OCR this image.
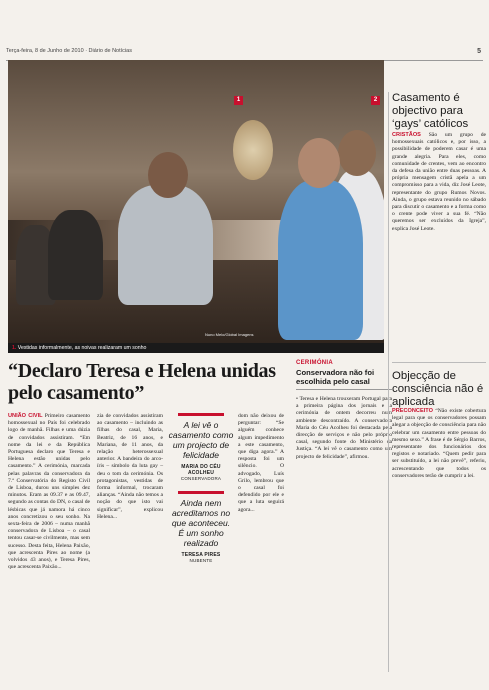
Terça-feira, 8 de Junho de 2010 · Diário de Notícias	5
1	2
Nuno Melo/Global Imagens
1. Vestidas informalmente, as noivas realizaram um sonho
“Declaro Teresa e Helena unidas pelo casamento”
UNIÃO CIVIL Primeiro casamento homossexual no País foi celebrado logo de manhã. Filhas e uma dúzia de convidados assistiram. “Em nome da lei e da República Portuguesa declaro que Teresa e Helena estão unidas pelo casamento.” A cerimónia, marcada pelas palavras da conservadora da 7.ª Conservatória do Registo Civil de Lisboa, durou uns simples dez minutos. Eram as 09.37 e as 09.47, segundo as contas do DN, o casal de lésbicas que já namora há cinco anos concretizou o seu sonho. Na sexta-feira de 2006 – numa manhã conservadora de Lisboa – o casal tentou casar-se civilmente, mas sem sucesso. Desta feita, Helena Paixão, que acrescenta Pires ao nome (a volvidos 43 anos), e Teresa Pires, que acrescenta Paixão...
zia de convidados assistiram ao casamento – incluindo as filhas do casal, Maria, Beatriz, de 16 anos, e Mariana, de 11 anos, da relação heterossexual anterior. A bandeira do arco-íris – símbolo da luta gay – deu o tom da cerimónia. Os protagonistas, vestidas de forma informal, trocaram alianças. “Ainda não temos a noção do que isto vai significar”, explicou Helena...
A lei vê o casamento como um projecto de felicidade
MARIA DO CÉU ACOLHEU
CONSERVADORA
Ainda nem acreditamos no que aconteceu. É um sonho realizado
TERESA PIRES
NUBENTE
dom não deixou de perguntar: “Se alguém conhece algum impedimento a este casamento, que diga agora.” A resposta foi um silêncio. O advogado, Luís Grilo, lembrou que o casal foi defendido por ele e que a luta seguirá agora...
CERIMÓNIA
Conservadora não foi escolhida pelo casal
• Teresa e Helena trouxeram Portugal para a primeira página dos jornais e a cerimónia de ontem decorreu num ambiente descontraído. A conservadora Maria do Céu Acolheu foi destacada pela direcção de serviços e não pelo próprio casal, segundo fonte do Ministério da Justiça. “A lei vê o casamento como um projecto de felicidade”, afirmou.
Casamento é objectivo para ‘gays’ católicos
CRISTÃOS São um grupo de homossexuais católicos e, por isso, a possibilidade de poderem casar é uma grande alegria. Para eles, como comunidade de crentes, vem ao encontro da defesa da união entre duas pessoas. A própria mensagem cristã apela a um compromisso para a vida, diz José Leote, representante do grupo Rumos Novos. Ainda, o grupo estava reunido no sábado para discutir o casamento e a forma como o crente pode viver a sua fé. “Não queremos ser excluídos da Igreja”, explica José Leote.
Objecção de consciência não é aplicada
PRECONCEITO “Não existe cobertura legal para que os conservadores possam alegar a objecção de consciência para não celebrar um casamento entre pessoas do mesmo sexo.” A frase é de Sérgio Barros, representante dos funcionários dos registos e notariado. “Quem pedir para ser substituído, a lei não prevê”, referiu, acrescentando que todos os conservadores terão de cumprir a lei.
